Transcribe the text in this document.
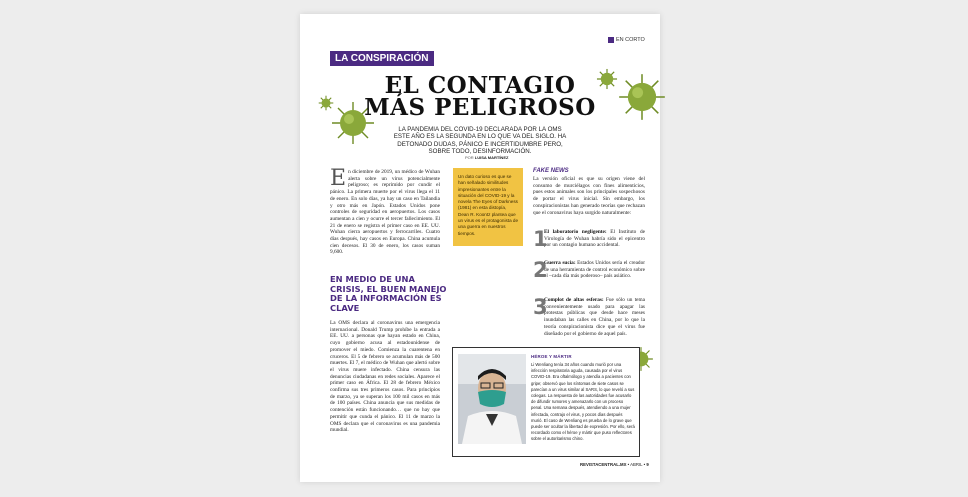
LA CONSPIRACIÓN
EN CORTO
EL CONTAGIO
MÁS PELIGROSO
LA PANDEMIA DEL COVID-19 DECLARADA POR LA OMS ESTE AÑO ES LA SEGUNDA EN LO QUE VA DEL SIGLO. HA DETONADO DUDAS, PÁNICO E INCERTIDUMBRE PERO, SOBRE TODO, DESINFORMACIÓN.
POR LUISA MARTÍNEZ
En diciembre de 2019, un médico de Wuhan alerta sobre un virus potencialmente peligroso; es reprimido por cundir el pánico. La primera muerte por el virus llega el 11 de enero. En solo días, ya hay un caso en Tailandia y otro más en Japón. Estados Unidos pone controles de seguridad en aeropuertos. Los casos aumentan a cien y ocurre el tercer fallecimiento. El 21 de enero se registra el primer caso en EE. UU. Wuhan cierra aeropuertos y ferrocarriles. Cuatro días después, hay casos en Europa. China acumula cien decesos. El 30 de enero, los casos suman 9,600.
EN MEDIO DE UNA CRISIS, EL BUEN MANEJO DE LA INFORMACIÓN ES CLAVE
La OMS declara al coronavirus una emergencia internacional. Donald Trump prohíbe la entrada a EE. UU. a personas que hayan estado en China, cuyo gobierno acusa al estadounidense de promover el miedo. Comienza la cuarentena en cruceros. El 5 de febrero se acumulan más de 500 muertes. El 7, el médico de Wuhan que alertó sobre el virus muere infectado. China censura las denuncias ciudadanas en redes sociales. Aparece el primer caso en África. El 28 de febrero México confirma sus tres primeros casos. Para principios de marzo, ya se superan los 100 mil casos en más de 100 países. China anuncia que sus medidas de contención están funcionando… que no hay que permitir que cunda el pánico. El 11 de marzo la OMS declara que el coronavirus es una pandemia mundial.
Un dato curioso es que se han señalado similitudes impresionantes entre la situación del COVID-19 y la novela The Eyes of Darkness (1981) en esta distopía, Dean R. Koontz plantea que un virus es el protagonista de una guerra en nuestros tiempos.
FAKE NEWS
La versión oficial es que su origen viene del consumo de murciélagos con fines alimenticios, pues estos animales son los principales sospechosos de portar el virus inicial. Sin embargo, los conspiracionistas han generado teorías que rechazan que el coronavirus haya surgido naturalmente:
1
El laboratorio negligente: El Instituto de Virología de Wuhan habría sido el epicentro por un contagio humano accidental.
2
Guerra sucia: Estados Unidos sería el creador de una herramienta de control económico sobre el –cada día más poderoso– país asiático.
3
Complot de altas esferas: Fue sólo un tema convenientemente usado para apagar las protestas públicas que desde hace meses inundaban las calles en China, por lo que la teoría conspiracionista dice que el virus fue diseñado por el gobierno de aquel país.
HÉROE Y MÁRTIR
Li Wenliang tenía 34 años cuando murió por una infección respiratoria aguda, causada por el virus COVID-19. Era oftalmólogo y atendía a pacientes con gripe; observó que los síntomas de siete casos se parecían a un virus similar al SARS, lo que reveló a sus colegas. La respuesta de las autoridades fue acusarlo de difundir rumores y amenazarlo con un proceso penal. Una semana después, atendiendo a una mujer infectada, contrajo el virus, y pocos días después murió. El caso de Wenliang es prueba de lo grave que puede ser ocultar la libertad de expresión. Por ello, será recordado como el héroe y mártir que puso reflectores sobre el autoritarismo chino.
REVISTACENTRAL.MX • ABRIL • 9
